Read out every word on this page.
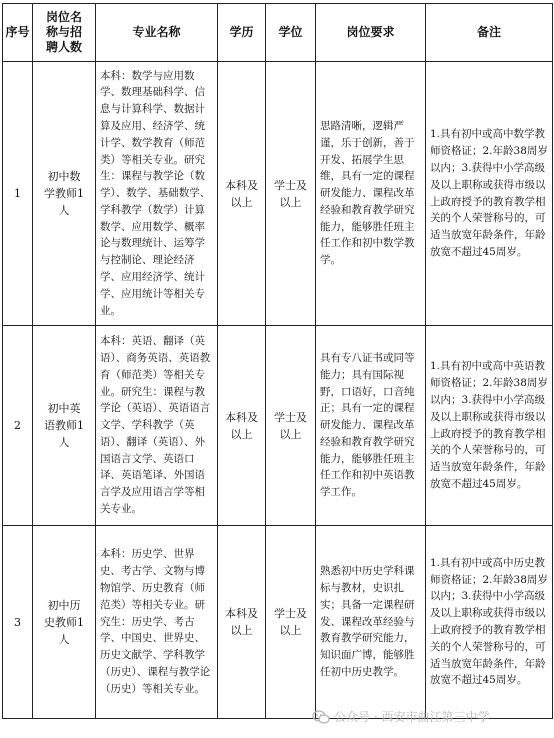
序号	岗位名称与招聘人数	专业名称	学历	学位	岗位要求	备注
1	初中数学教师1人	本科：数学与应用数学、数理基础科学、信息与计算科学、数据计算及应用、经济学、统计学、数学教育（师范类）等相关专业。研究生：课程与教学论（数学）、数学、基础数学、学科教学（数学）计算数学、应用数学、概率论与数理统计、运筹学与控制论、理论经济学、应用经济学、统计学、应用统计等相关专业。	本科及以上	学士及以上	思路清晰，逻辑严谨，乐于创新，善于开发、拓展学生思维，具有一定的课程研发能力、课程改革经验和教育教学研究能力，能够胜任班主任工作和初中数学教学。	1.具有初中或高中数学教师资格证；2.年龄38周岁以内；3.获得中小学高级及以上职称或获得市级以上政府授予的教育教学相关的个人荣誉称号的，可适当放宽年龄条件，年龄放宽不超过45周岁。
2	初中英语教师1人	本科：英语、翻译（英语）、商务英语、英语教育（师范类）等相关专业。研究生：课程与教学论（英语）、英语语言文学、学科教学（英语）、翻译（英语）、外国语言文学、英语口译、英语笔译、外国语言学及应用语言学等相关专业。	本科及以上	学士及以上	具有专八证书或同等能力；具有国际视野，口语好，口音纯正；具有一定的课程研发能力、课程改革经验和教育教学研究能力，能够胜任班主任工作和初中英语教学工作。	1.具有初中或高中英语教师资格证；2.年龄38周岁以内；3.获得中小学高级及以上职称或获得市级以上政府授予的教育教学相关的个人荣誉称号的，可适当放宽年龄条件，年龄放宽不超过45周岁。
3	初中历史教师1人	本科：历史学、世界史、考古学、文物与博物馆学、历史教育（师范类）等相关专业。研究生：历史学、考古学、中国史、世界史、历史文献学、学科教学（历史）、课程与教学论（历史）等相关专业。	本科及以上	学士及以上	熟悉初中历史学科课标与教材，史识扎实；具备一定课程研发、课程改革经验与教育教学研究能力，知识面广博，能够胜任初中历史教学。	1.具有初中或高中历史教师资格证；2.年龄38周岁以内；3.获得中小学高级及以上职称或获得市级以上政府授予的教育教学相关的个人荣誉称号的，可适当放宽年龄条件，年龄放宽不超过45周岁。
公众号 · 西安市曲江第三中学
